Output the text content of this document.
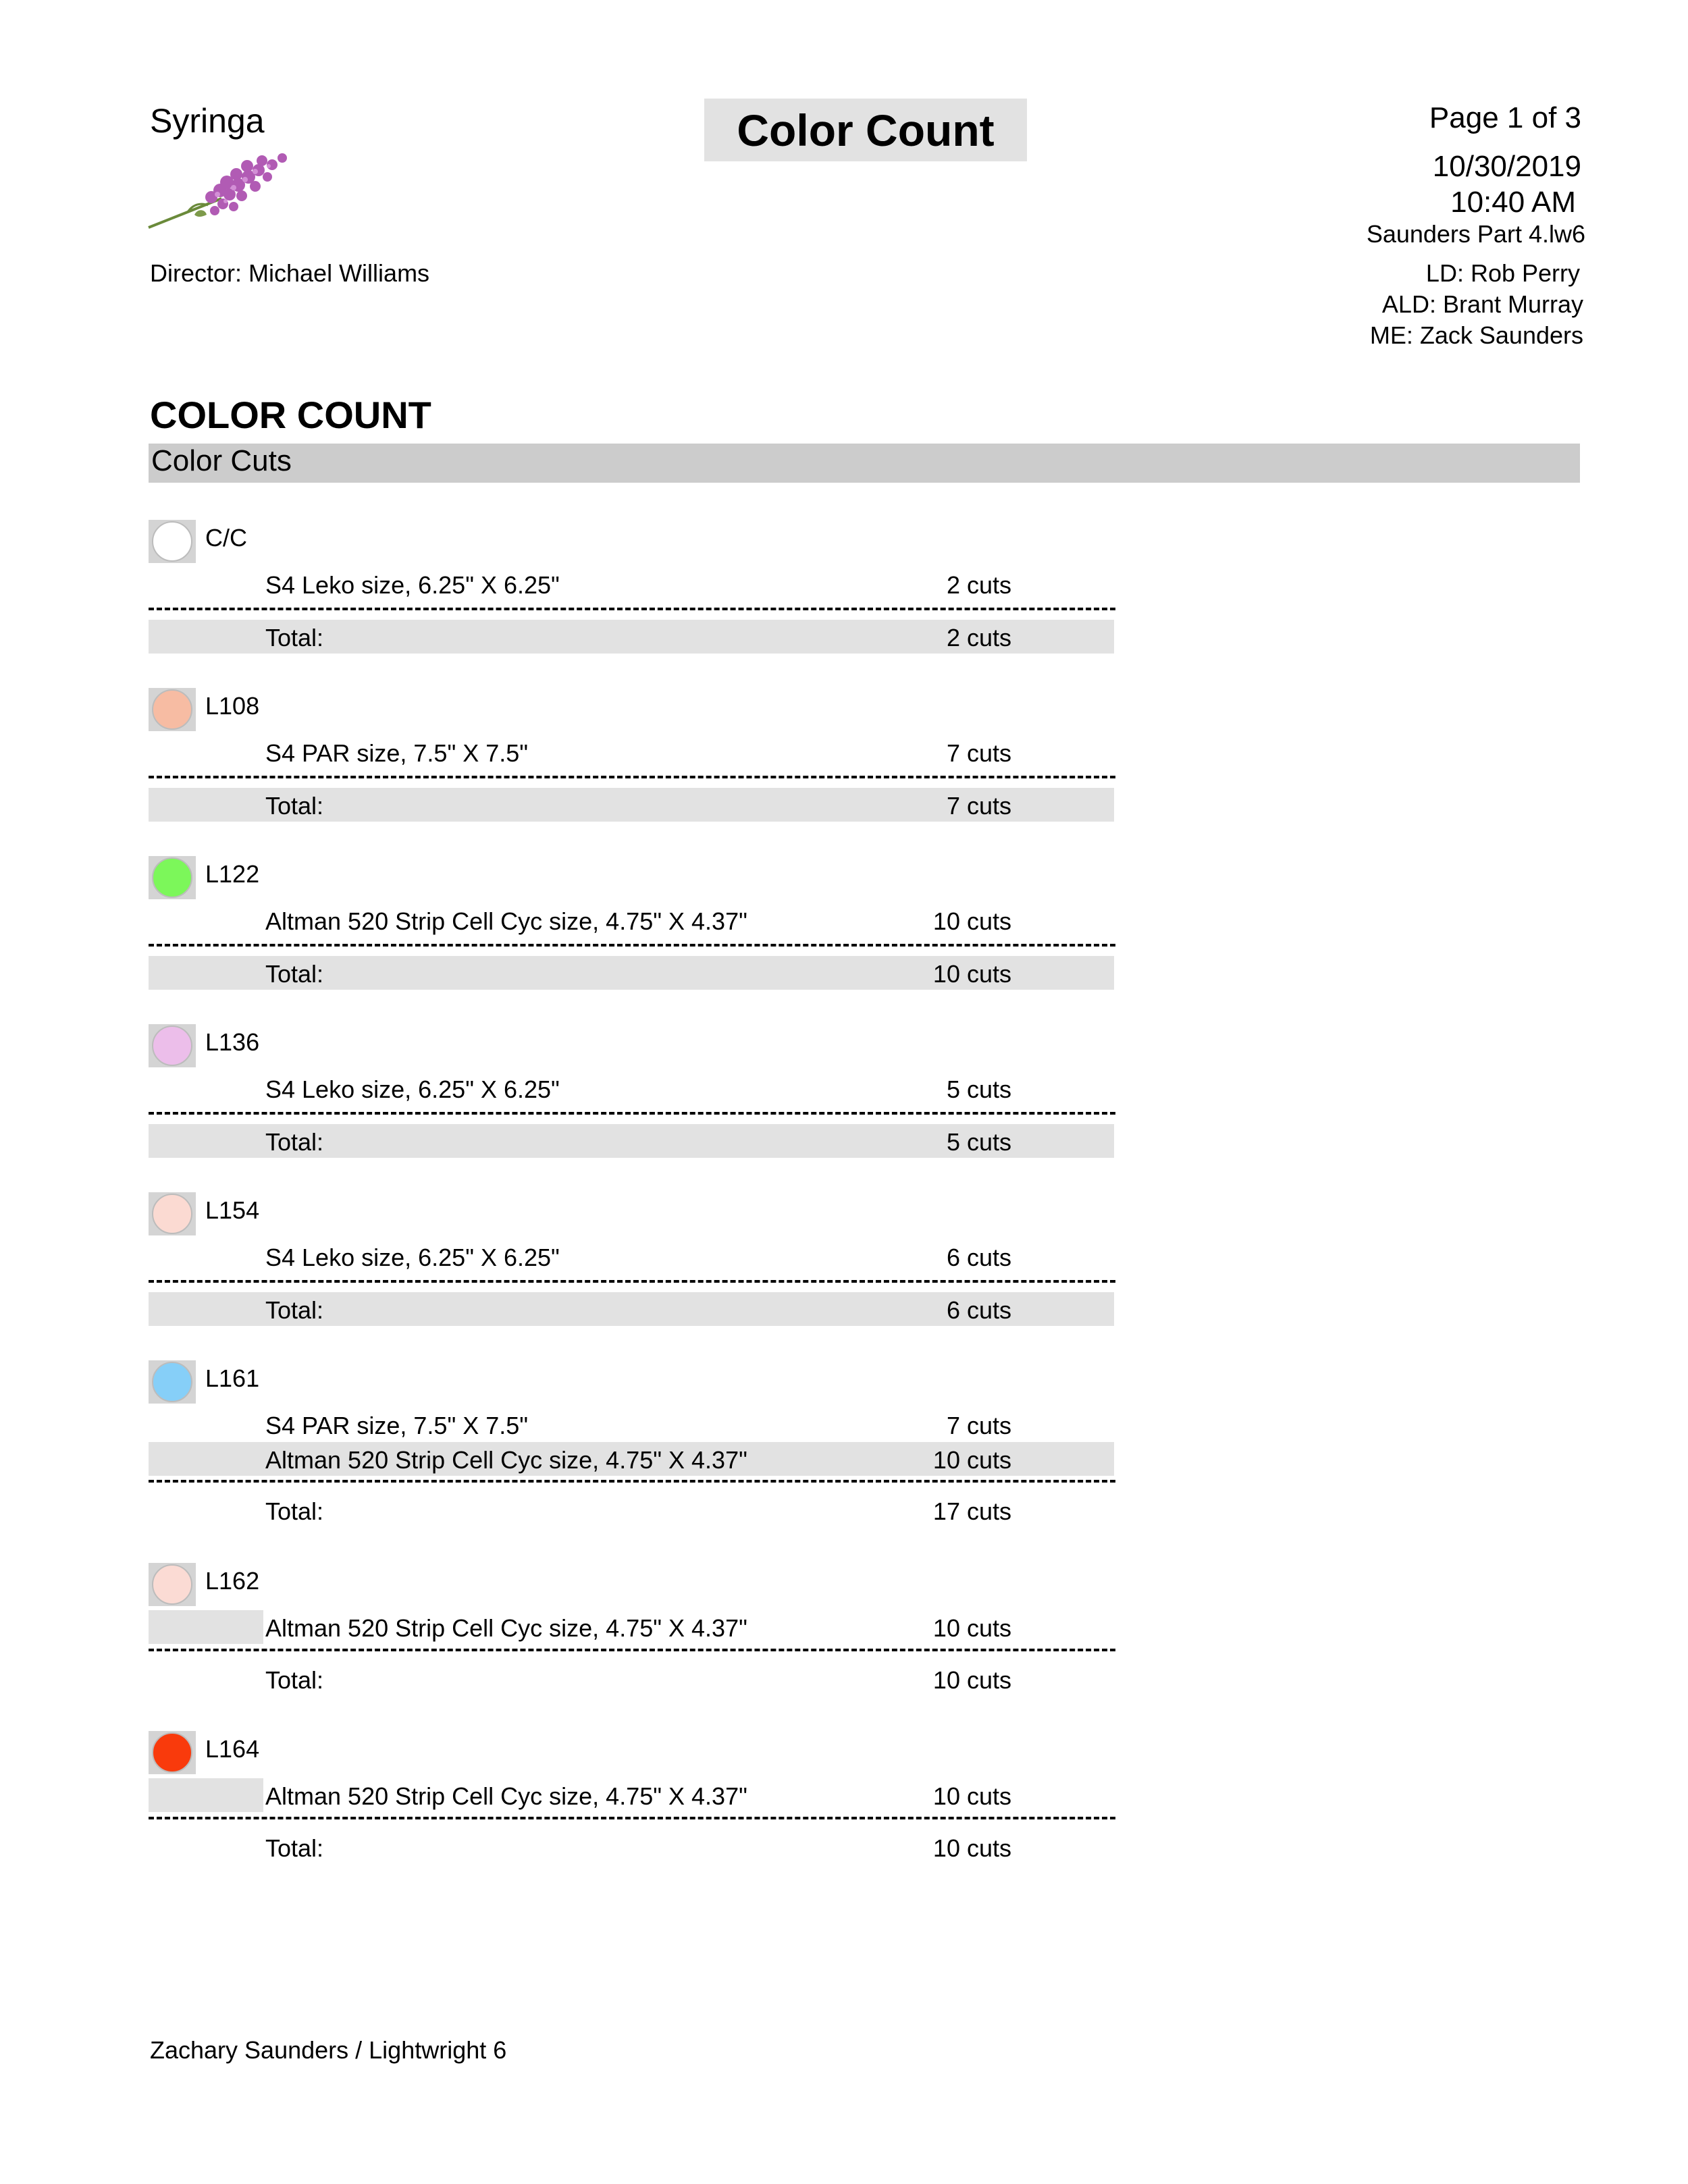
Syringa
Director: Michael Williams
Color Count	Page 1 of 3
10/30/2019
10:40 AM
Saunders Part 4.lw6
LD: Rob Perry
ALD: Brant Murray
ME: Zack Saunders
COLOR COUNT
Color Cuts
C/C
S4 Leko size, 6.25" X 6.25"	2 cuts
Total:	2 cuts
L108
S4 PAR size, 7.5" X 7.5"	7 cuts
Total:	7 cuts
L122
Altman 520 Strip Cell Cyc size, 4.75" X 4.37"	10 cuts
Total:	10 cuts
L136
S4 Leko size, 6.25" X 6.25"	5 cuts
Total:	5 cuts
L154
S4 Leko size, 6.25" X 6.25"	6 cuts
Total:	6 cuts
L161
S4 PAR size, 7.5" X 7.5"	7 cuts
Altman 520 Strip Cell Cyc size, 4.75" X 4.37"	10 cuts
Total:	17 cuts
L162
Altman 520 Strip Cell Cyc size, 4.75" X 4.37"	10 cuts
Total:	10 cuts
L164
Altman 520 Strip Cell Cyc size, 4.75" X 4.37"	10 cuts
Total:	10 cuts
Zachary Saunders / Lightwright 6
